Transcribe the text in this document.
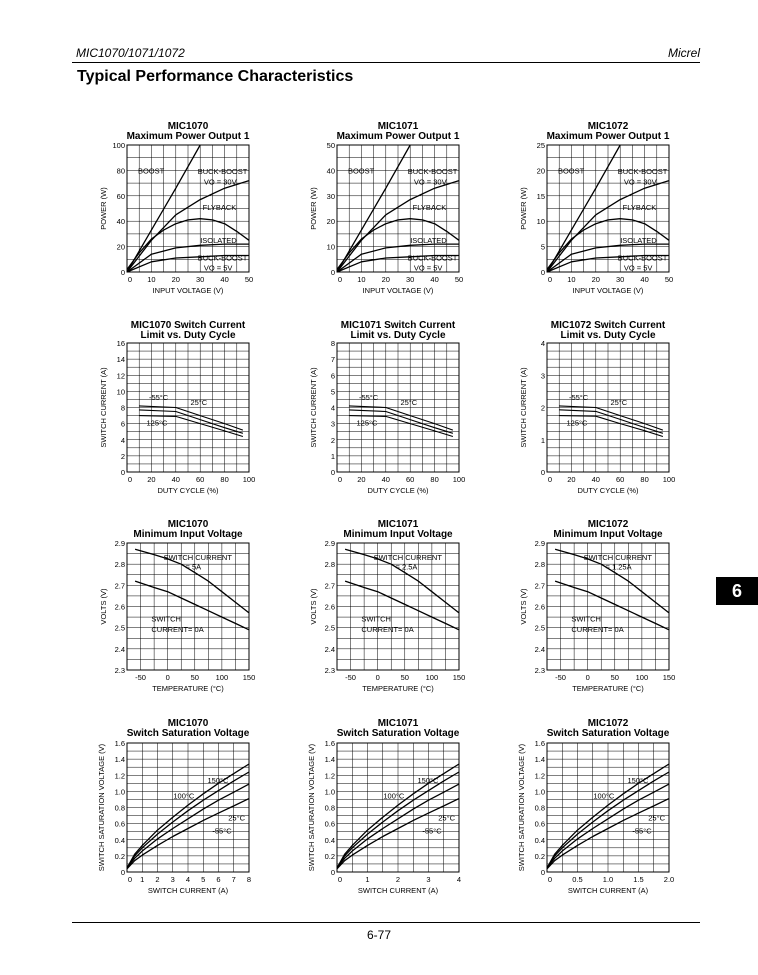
MIC1070/1071/1072	Micrel
Typical Performance Characteristics
MIC1070
Maximum Power Output 1
MIC1071
Maximum Power Output 1
MIC1072
Maximum Power Output 1
MIC1070 Switch Current
Limit vs. Duty Cycle
MIC1071 Switch Current
Limit vs. Duty Cycle
MIC1072 Switch Current
Limit vs. Duty Cycle
MIC1070
Minimum Input Voltage
MIC1071
Minimum Input Voltage
MIC1072
Minimum Input Voltage
MIC1070
Switch Saturation Voltage
MIC1071
Switch Saturation Voltage
MIC1072
Switch Saturation Voltage
0
20
40
60
80
100
0 10 20 30 40 50
INPUT VOLTAGE (V)
POWER (W)
BOOST	BUCK-BOOST
VO = 30V
FLYBACK
ISOLATED
BUCK-BOOST
VO = 5V	0
10
20
30
40
50
0 10 20 30 40 50
INPUT VOLTAGE (V)
POWER (W)
BOOST	BUCK-BOOST
VO = 30V
FLYBACK
ISOLATED
BUCK-BOOST
VO = 5V	0
5
10
15
20
25
0 10 20 30 40 50
INPUT VOLTAGE (V)
POWER (W)
BOOST	BUCK-BOOST
VO = 30V
FLYBACK
ISOLATED
BUCK-BOOST
VO = 5V
0
2
4
6
8
10
12
14
16
0 20 40 60 80 100
DUTY CYCLE (%)
SWITCH CURRENT (A)	-55°C
25°C
125°C
0
1
2
3
4
5
6
7
8
0 20 40 60 80 100
DUTY CYCLE (%)
SWITCH CURRENT (A)	-55°C
25°C
125°C
0
1
2
3
4
0 20 40 60 80 100
DUTY CYCLE (%)
SWITCH CURRENT (A)	-55°C
25°C
125°C
2.3
2.4
2.5
2.6
2.7
2.8
2.9
-50	0	50 100 150
TEMPERATURE (°C)
VOLTS (V)
SWITCH CURRENT
= 5A
SWITCH
CURRENT= 0A
2.3
2.4
2.5
2.6
2.7
2.8
2.9
-50	0	50 100 150
TEMPERATURE (°C)
VOLTS (V)
SWITCH CURRENT
= 2.5A
SWITCH
CURRENT= 0A
2.3
2.4
2.5
2.6
2.7
2.8
2.9
-50	0	50 100 150
TEMPERATURE (°C)
VOLTS (V)
SWITCH CURRENT
= 1.25A
SWITCH
CURRENT= 0A
0
0.2
0.4
0.6
0.8
1.0
1.2
1.4
1.6
0 1 2 3 4 5 6 7 8
SWITCH CURRENT (A)
SWITCH SATURATION VOLTAGE (V)	150°C
100°C
25°C
-55°C
0
0.2
0.4
0.6
0.8
1.0
1.2
1.4
1.6
0	1	2	3	4
SWITCH CURRENT (A)
SWITCH SATURATION VOLTAGE (V)	150°C
100°C
25°C
-55°C
0
0.2
0.4
0.6
0.8
1.0
1.2
1.4
1.6
0	0.5	1.0	1.5	2.0
SWITCH CURRENT (A)
SWITCH SATURATION VOLTAGE (V)	150°C
100°C
25°C
-55°C
6
6-77
